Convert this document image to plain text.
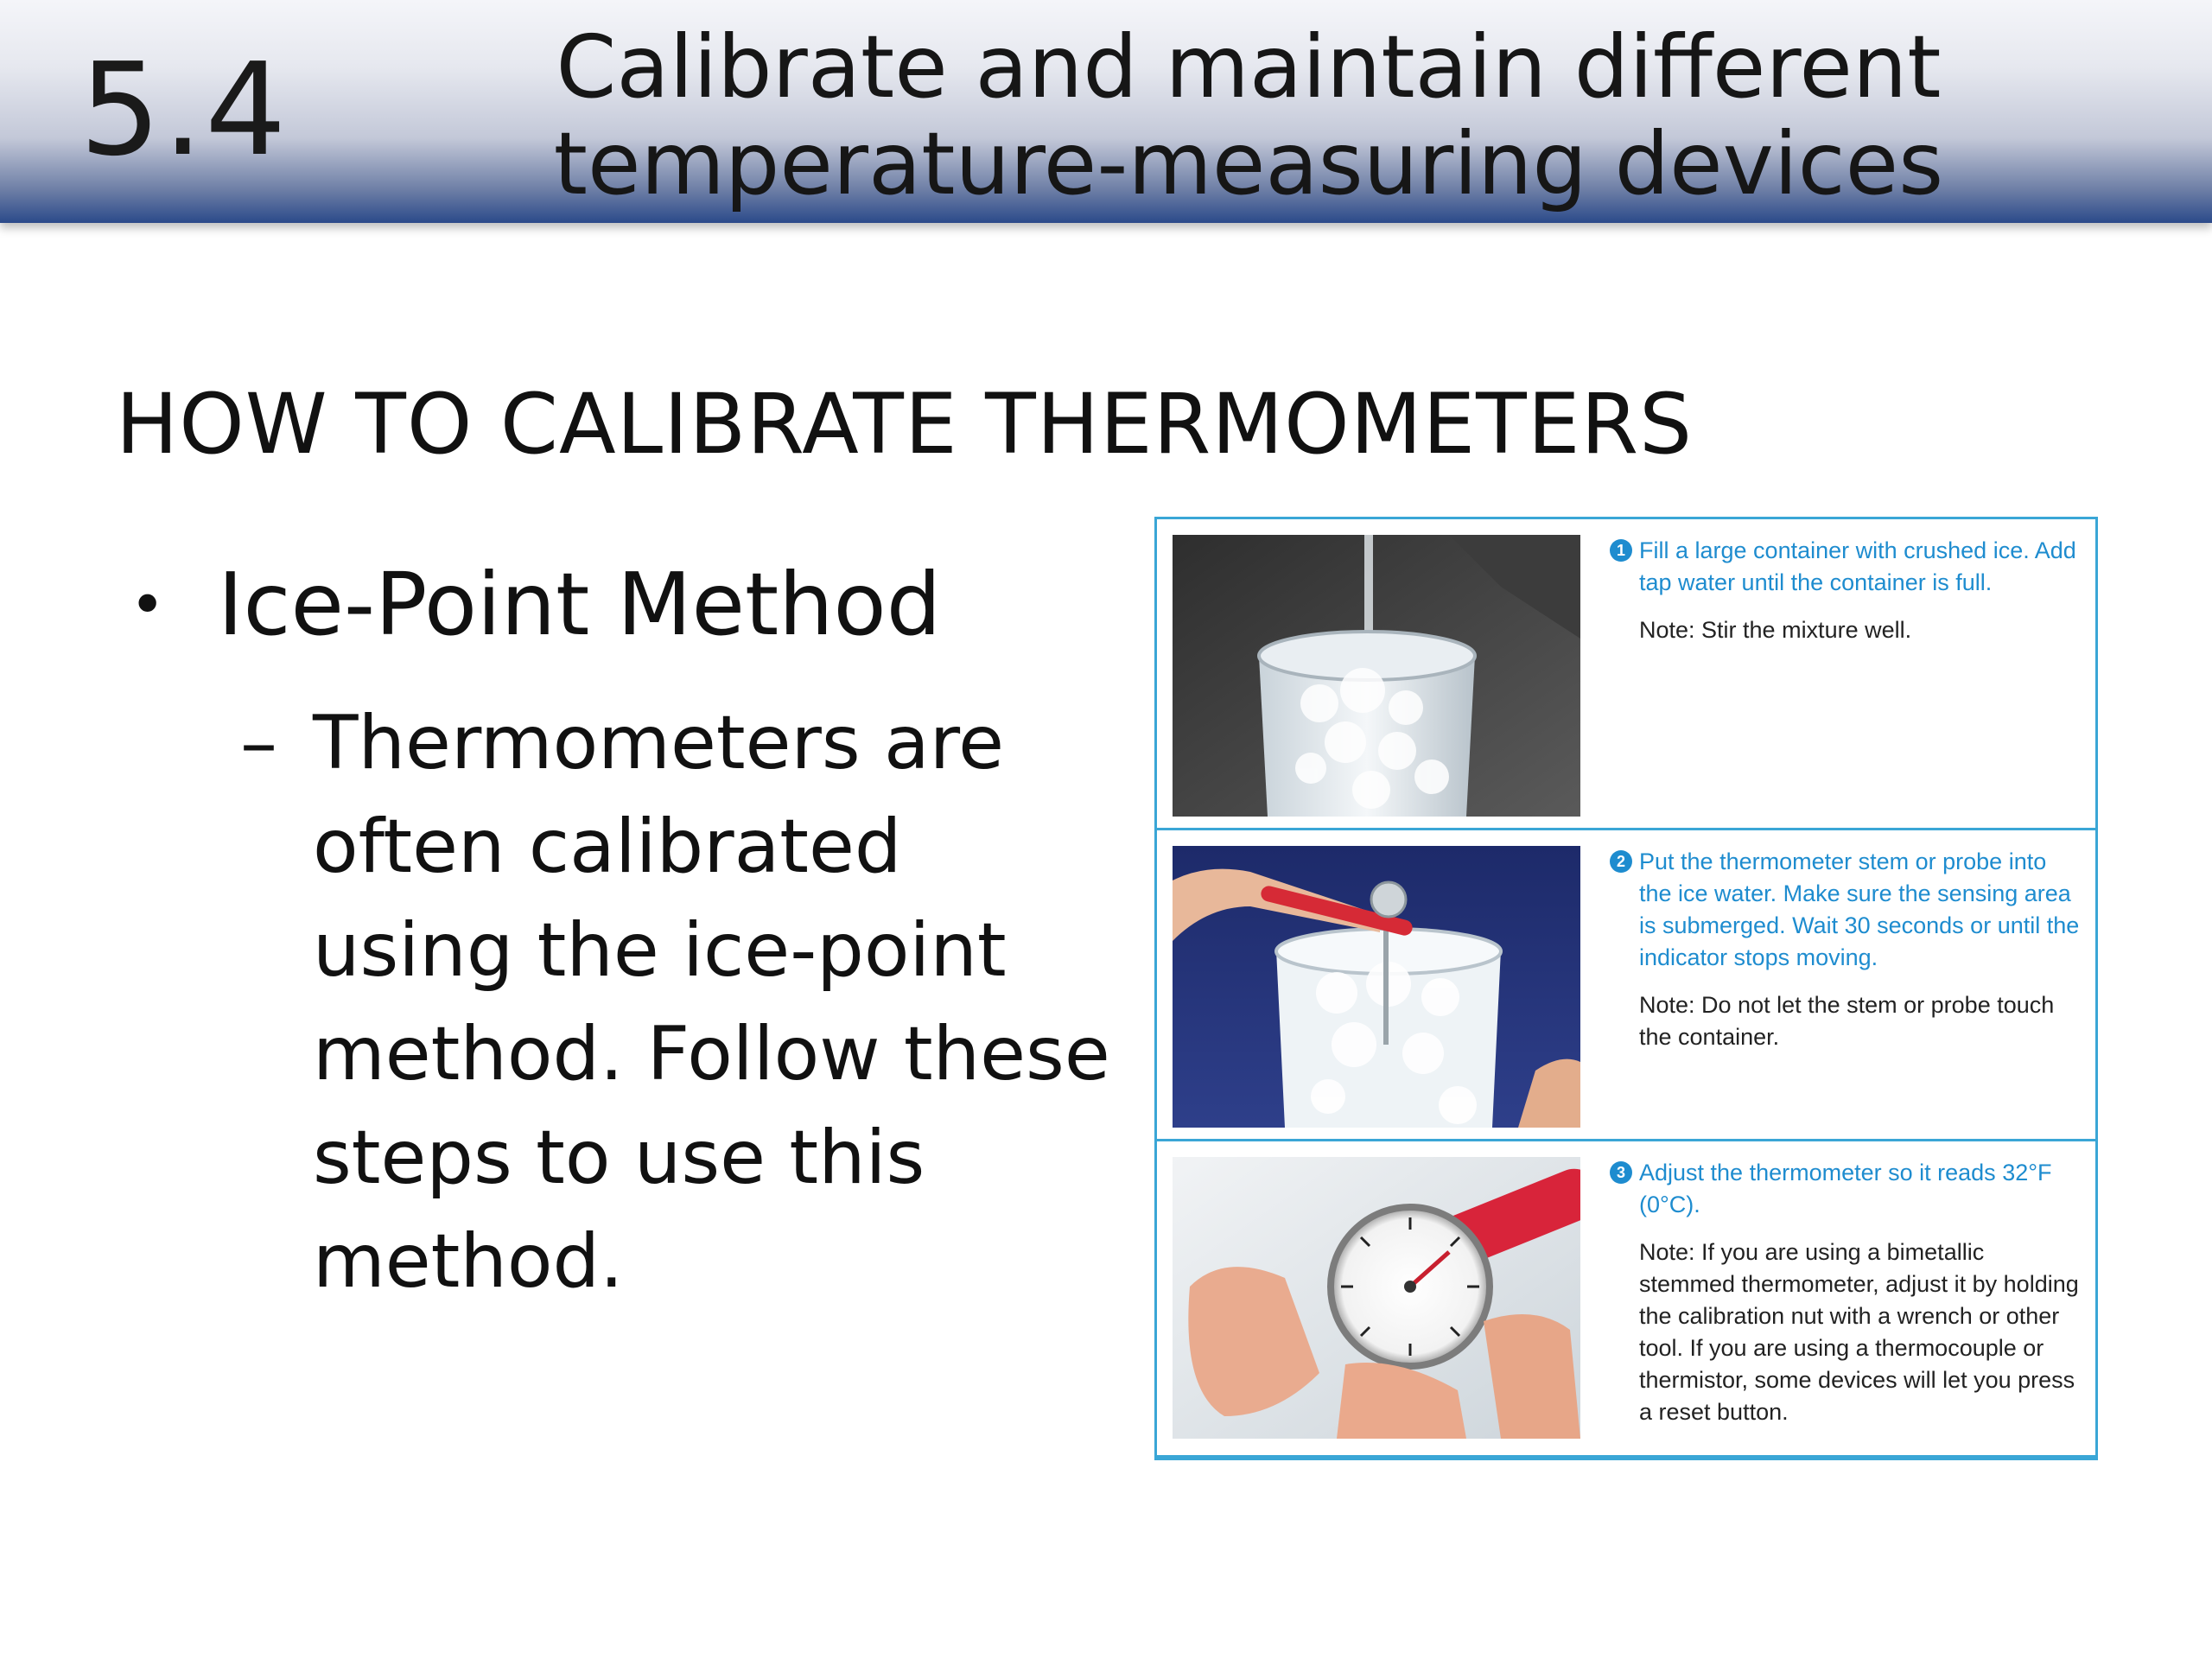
5.4	Calibrate and maintain different temperature-measuring devices
HOW TO CALIBRATE THERMOMETERS
• Ice-Point Method
– Thermometers are often calibrated using the ice-point method. Follow these steps to use this method.
1 Fill a large container with crushed ice. Add tap water until the container is full.
Note: Stir the mixture well.
2 Put the thermometer stem or probe into the ice water. Make sure the sensing area is submerged. Wait 30 seconds or until the indicator stops moving.
Note: Do not let the stem or probe touch the container.
3 Adjust the thermometer so it reads 32°F (0°C).
Note: If you are using a bimetallic stemmed thermometer, adjust it by holding the calibration nut with a wrench or other tool. If you are using a thermocouple or thermistor, some devices will let you press a reset button.
